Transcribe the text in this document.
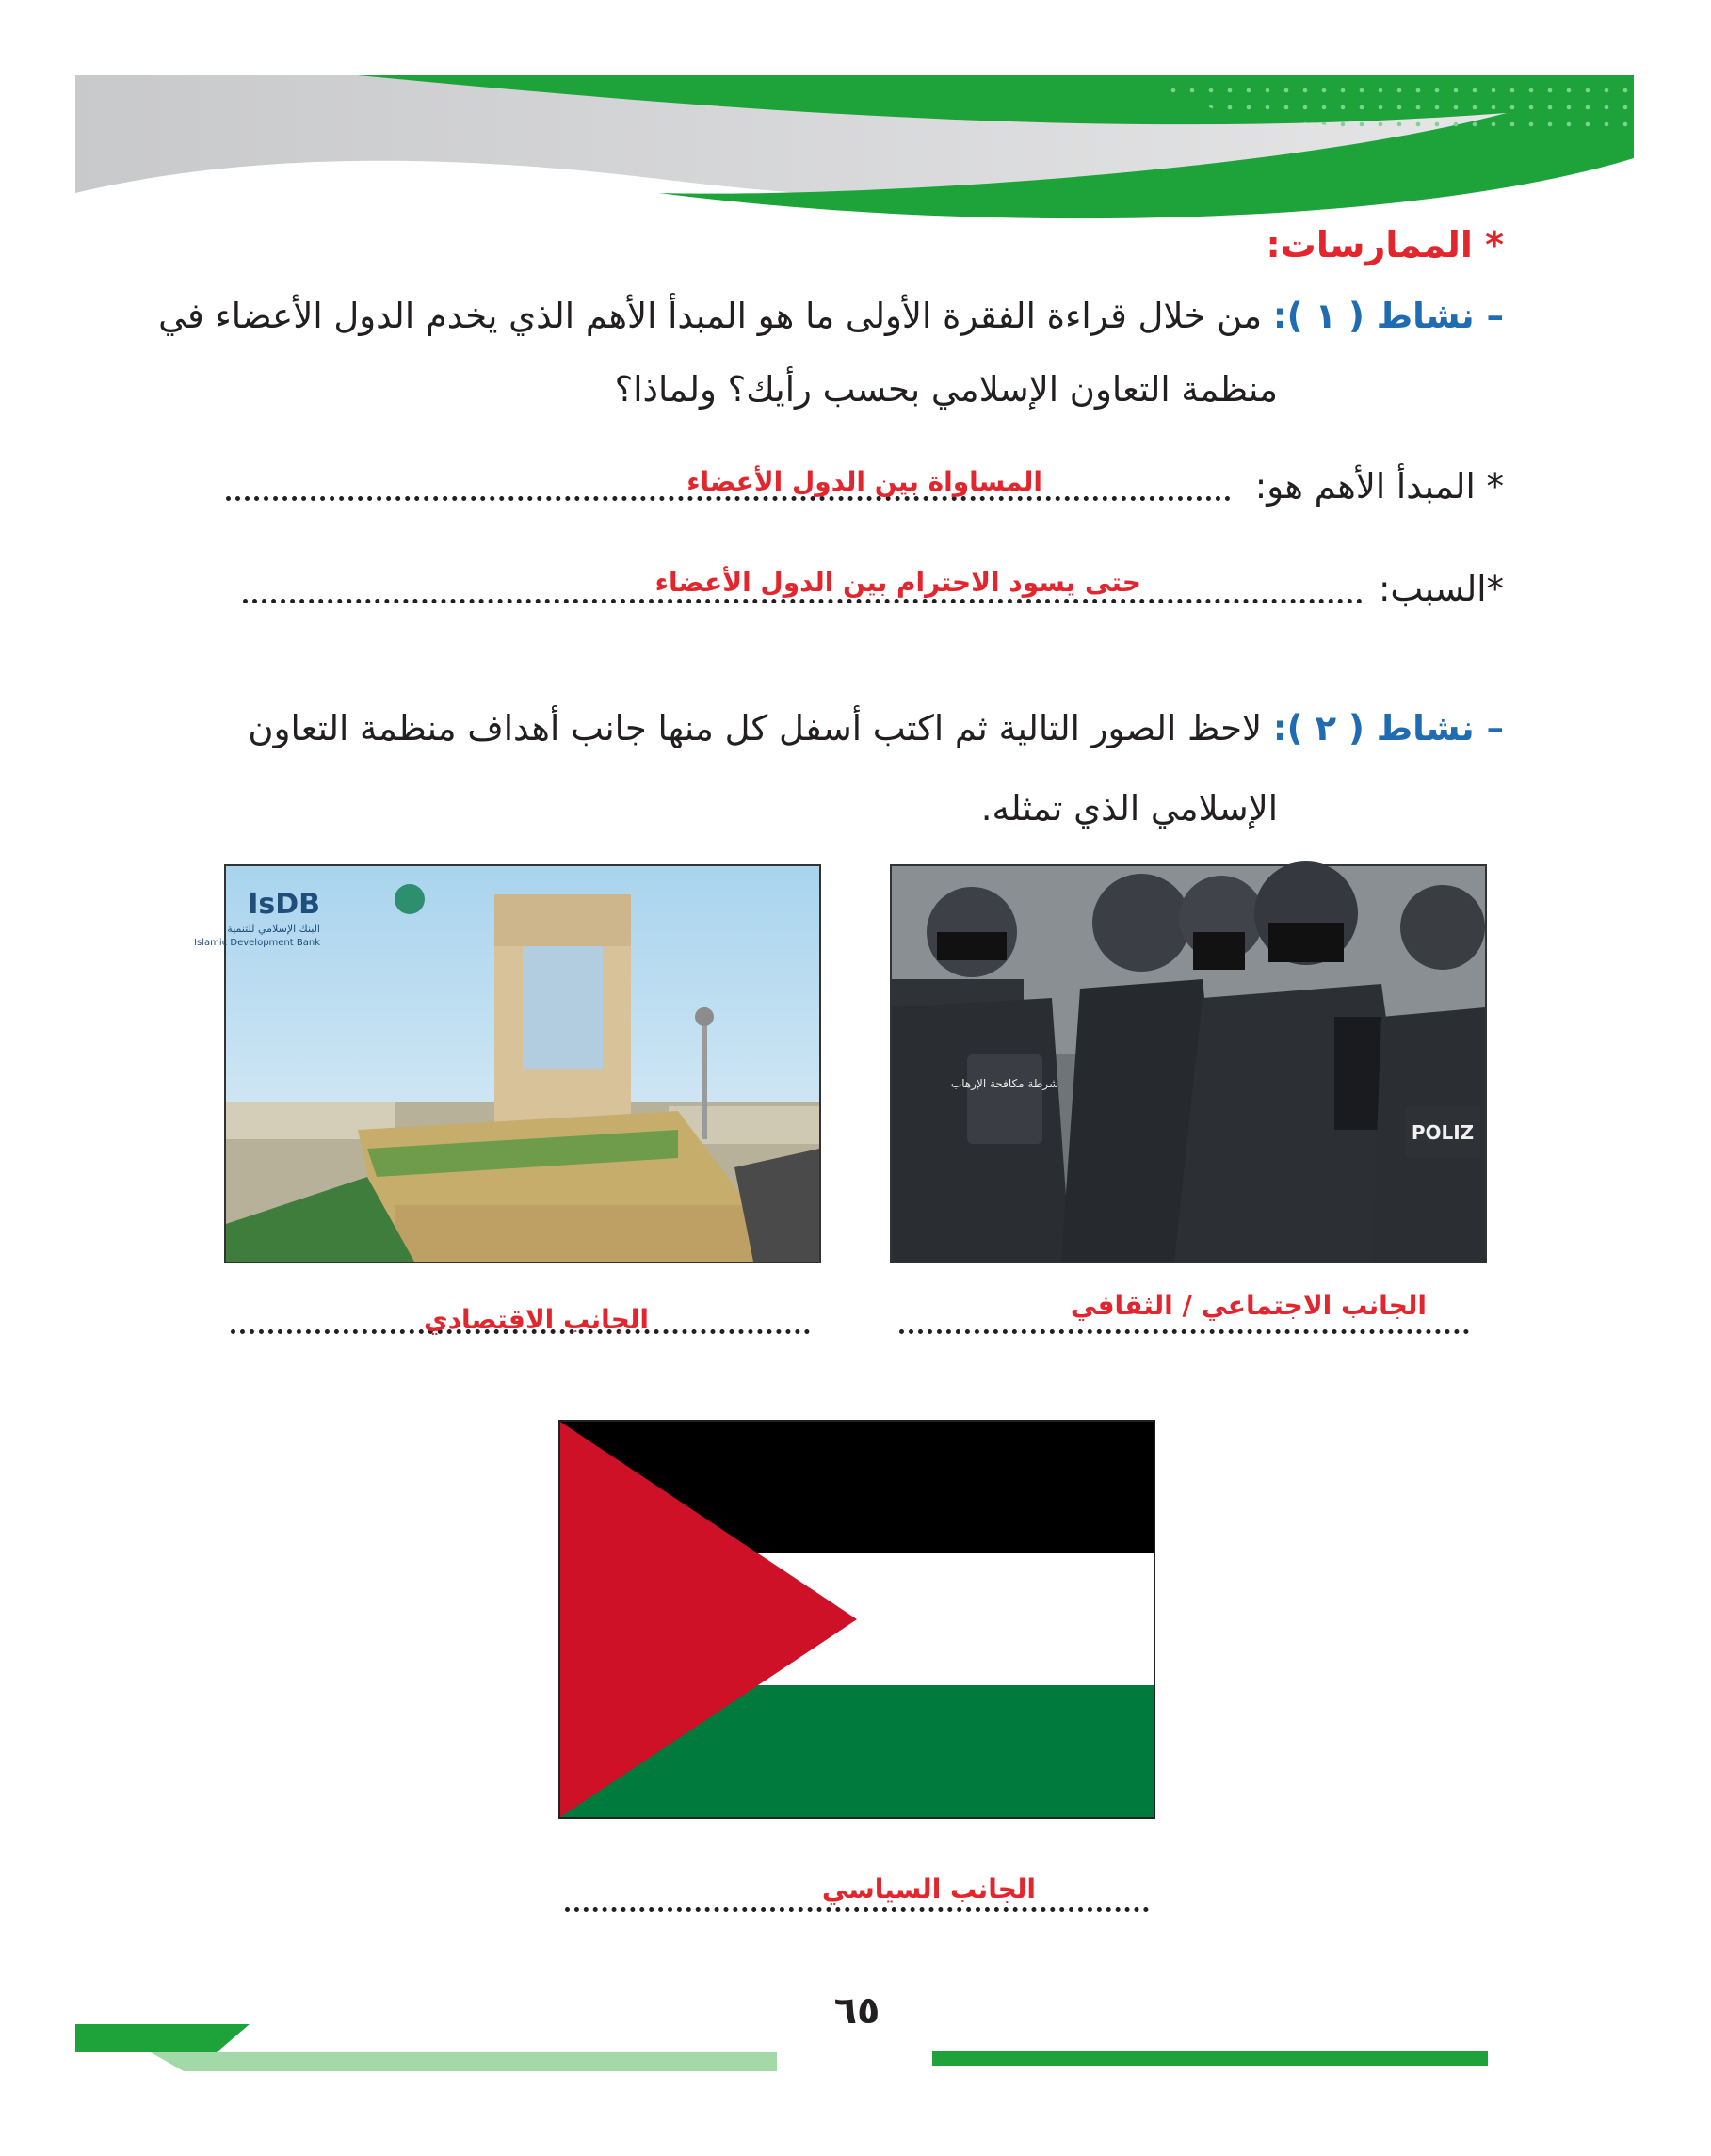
* الممارسات:
– نشاط ( ١ ): من خلال قراءة الفقرة الأولى ما هو المبدأ الأهم الذي يخدم الدول الأعضاء في
منظمة التعاون الإسلامي بحسب رأيك؟ ولماذا؟
* المبدأ الأهم هو:
المساواة بين الدول الأعضاء
*السبب:
حتى يسود الاحترام بين الدول الأعضاء
– نشاط ( ٢ ): لاحظ الصور التالية ثم اكتب أسفل كل منها جانب أهداف منظمة التعاون
الإسلامي الذي تمثله.
شرطة مكافحة الإرهاب
POLIZ
IsDB
البنك الإسلامي للتنمية
Islamic Development Bank
الجانب الاجتماعي / الثقافي
الجانب الاقتصادي
الجانب السياسي
٦٥
